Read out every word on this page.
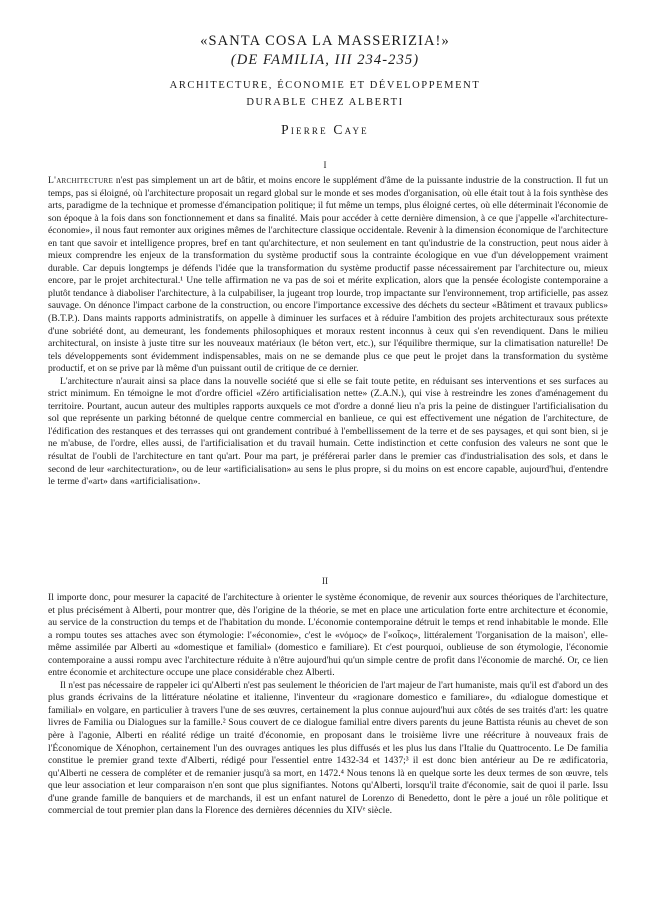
«SANTA COSA LA MASSERIZIA!»
(DE FAMILIA, III 234-235)
ARCHITECTURE, ÉCONOMIE ET DÉVELOPPEMENT
DURABLE CHEZ ALBERTI
Pierre Caye
I

L'architecture n'est pas simplement un art de bâtir, et moins encore le supplément d'âme de la puissante industrie de la construction. Il fut un temps, pas si éloigné, où l'architecture proposait un regard global sur le monde et ses modes d'organisation, où elle était tout à la fois synthèse des arts, paradigme de la technique et promesse d'émancipation politique; il fut même un temps, plus éloigné certes, où elle déterminait l'économie de son époque à la fois dans son fonctionnement et dans sa finalité. Mais pour accéder à cette dernière dimension, à ce que j'appelle «l'architecture-économie», il nous faut remonter aux origines mêmes de l'architecture classique occidentale. Revenir à la dimension économique de l'architecture en tant que savoir et intelligence propres, bref en tant qu'architecture, et non seulement en tant qu'industrie de la construction, peut nous aider à mieux comprendre les enjeux de la transformation du système productif sous la contrainte écologique en vue d'un développement vraiment durable. Car depuis longtemps je défends l'idée que la transformation du système productif passe nécessairement par l'architecture ou, mieux encore, par le projet architectural.¹ Une telle affirmation ne va pas de soi et mérite explication, alors que la pensée écologiste contemporaine a plutôt tendance à diaboliser l'architecture, à la culpabiliser, la jugeant trop lourde, trop impactante sur l'environnement, trop artificielle, pas assez sauvage. On dénonce l'impact carbone de la construction, ou encore l'importance excessive des déchets du secteur «Bâtiment et travaux publics» (B.T.P.). Dans maints rapports administratifs, on appelle à diminuer les surfaces et à réduire l'ambition des projets architecturaux sous prétexte d'une sobriété dont, au demeurant, les fondements philosophiques et moraux restent inconnus à ceux qui s'en revendiquent. Dans le milieu architectural, on insiste à juste titre sur les nouveaux matériaux (le béton vert, etc.), sur l'équilibre thermique, sur la climatisation naturelle! De tels développements sont évidemment indispensables, mais on ne se demande plus ce que peut le projet dans la transformation du système productif, et on se prive par là même d'un puissant outil de critique de ce dernier.

L'architecture n'aurait ainsi sa place dans la nouvelle société que si elle se fait toute petite, en réduisant ses interventions et ses surfaces au strict minimum. En témoigne le mot d'ordre officiel «Zéro artificialisation nette» (Z.A.N.), qui vise à restreindre les zones d'aménagement du territoire. Pourtant, aucun auteur des multiples rapports auxquels ce mot d'ordre a donné lieu n'a pris la peine de distinguer l'artificialisation du sol que représente un parking bétonné de quelque centre commercial en banlieue, ce qui est effectivement une négation de l'architecture, de l'édification des restanques et des terrasses qui ont grandement contribué à l'embellissement de la terre et de ses paysages, et qui sont bien, si je ne m'abuse, de l'ordre, elles aussi, de l'artificialisation et du travail humain. Cette indistinction et cette confusion des valeurs ne sont que le résultat de l'oubli de l'architecture en tant qu'art. Pour ma part, je préférerai parler dans le premier cas d'industrialisation des sols, et dans le second de leur «architecturation», ou de leur «artificialisation» au sens le plus propre, si du moins on est encore capable, aujourd'hui, d'entendre le terme d'«art» dans «artificialisation».

II

Il importe donc, pour mesurer la capacité de l'architecture à orienter le système économique, de revenir aux sources théoriques de l'architecture, et plus précisément à Alberti, pour montrer que, dès l'origine de la théorie, se met en place une articulation forte entre architecture et économie, au service de la construction du temps et de l'habitation du monde. L'économie contemporaine détruit le temps et rend inhabitable le monde. Elle a rompu toutes ses attaches avec son étymologie: l'«économie», c'est le «νόμος» de l'«οἶκος», littéralement 'l'organisation de la maison', elle-même assimilée par Alberti au «domestique et familial» (domestico e familiare). Et c'est pourquoi, oublieuse de son étymologie, l'économie contemporaine a aussi rompu avec l'architecture réduite à n'être aujourd'hui qu'un simple centre de profit dans l'économie de marché. Or, ce lien entre économie et architecture occupe une place considérable chez Alberti.

Il n'est pas nécessaire de rappeler ici qu'Alberti n'est pas seulement le théoricien de l'art majeur de l'art humaniste, mais qu'il est d'abord un des plus grands écrivains de la littérature néolatine et italienne, l'inventeur du «ragionare domestico e familiare», du «dialogue domestique et familial» en volgare, en particulier à travers l'une de ses œuvres, certainement la plus connue aujourd'hui aux côtés de ses traités d'art: les quatre livres de Familia ou Dialogues sur la famille.² Sous couvert de ce dialogue familial entre divers parents du jeune Battista réunis au chevet de son père à l'agonie, Alberti en réalité rédige un traité d'économie, en proposant dans le troisième livre une réécriture à nouveaux frais de l'Économique de Xénophon, certainement l'un des ouvrages antiques les plus diffusés et les plus lus dans l'Italie du Quattrocento. Le De familia constitue le premier grand texte d'Alberti, rédigé pour l'essentiel entre 1432-34 et 1437;³ il est donc bien antérieur au De re ædificatoria, qu'Alberti ne cessera de compléter et de remanier jusqu'à sa mort, en 1472.⁴ Nous tenons là en quelque sorte les deux termes de son œuvre, tels que leur association et leur comparaison n'en sont que plus signifiantes. Notons qu'Alberti, lorsqu'il traite d'économie, sait de quoi il parle. Issu d'une grande famille de banquiers et de marchands, il est un enfant naturel de Lorenzo di Benedetto, dont le père a joué un rôle politique et commercial de tout premier plan dans la Florence des dernières décennies du XIVᵉ siècle.
